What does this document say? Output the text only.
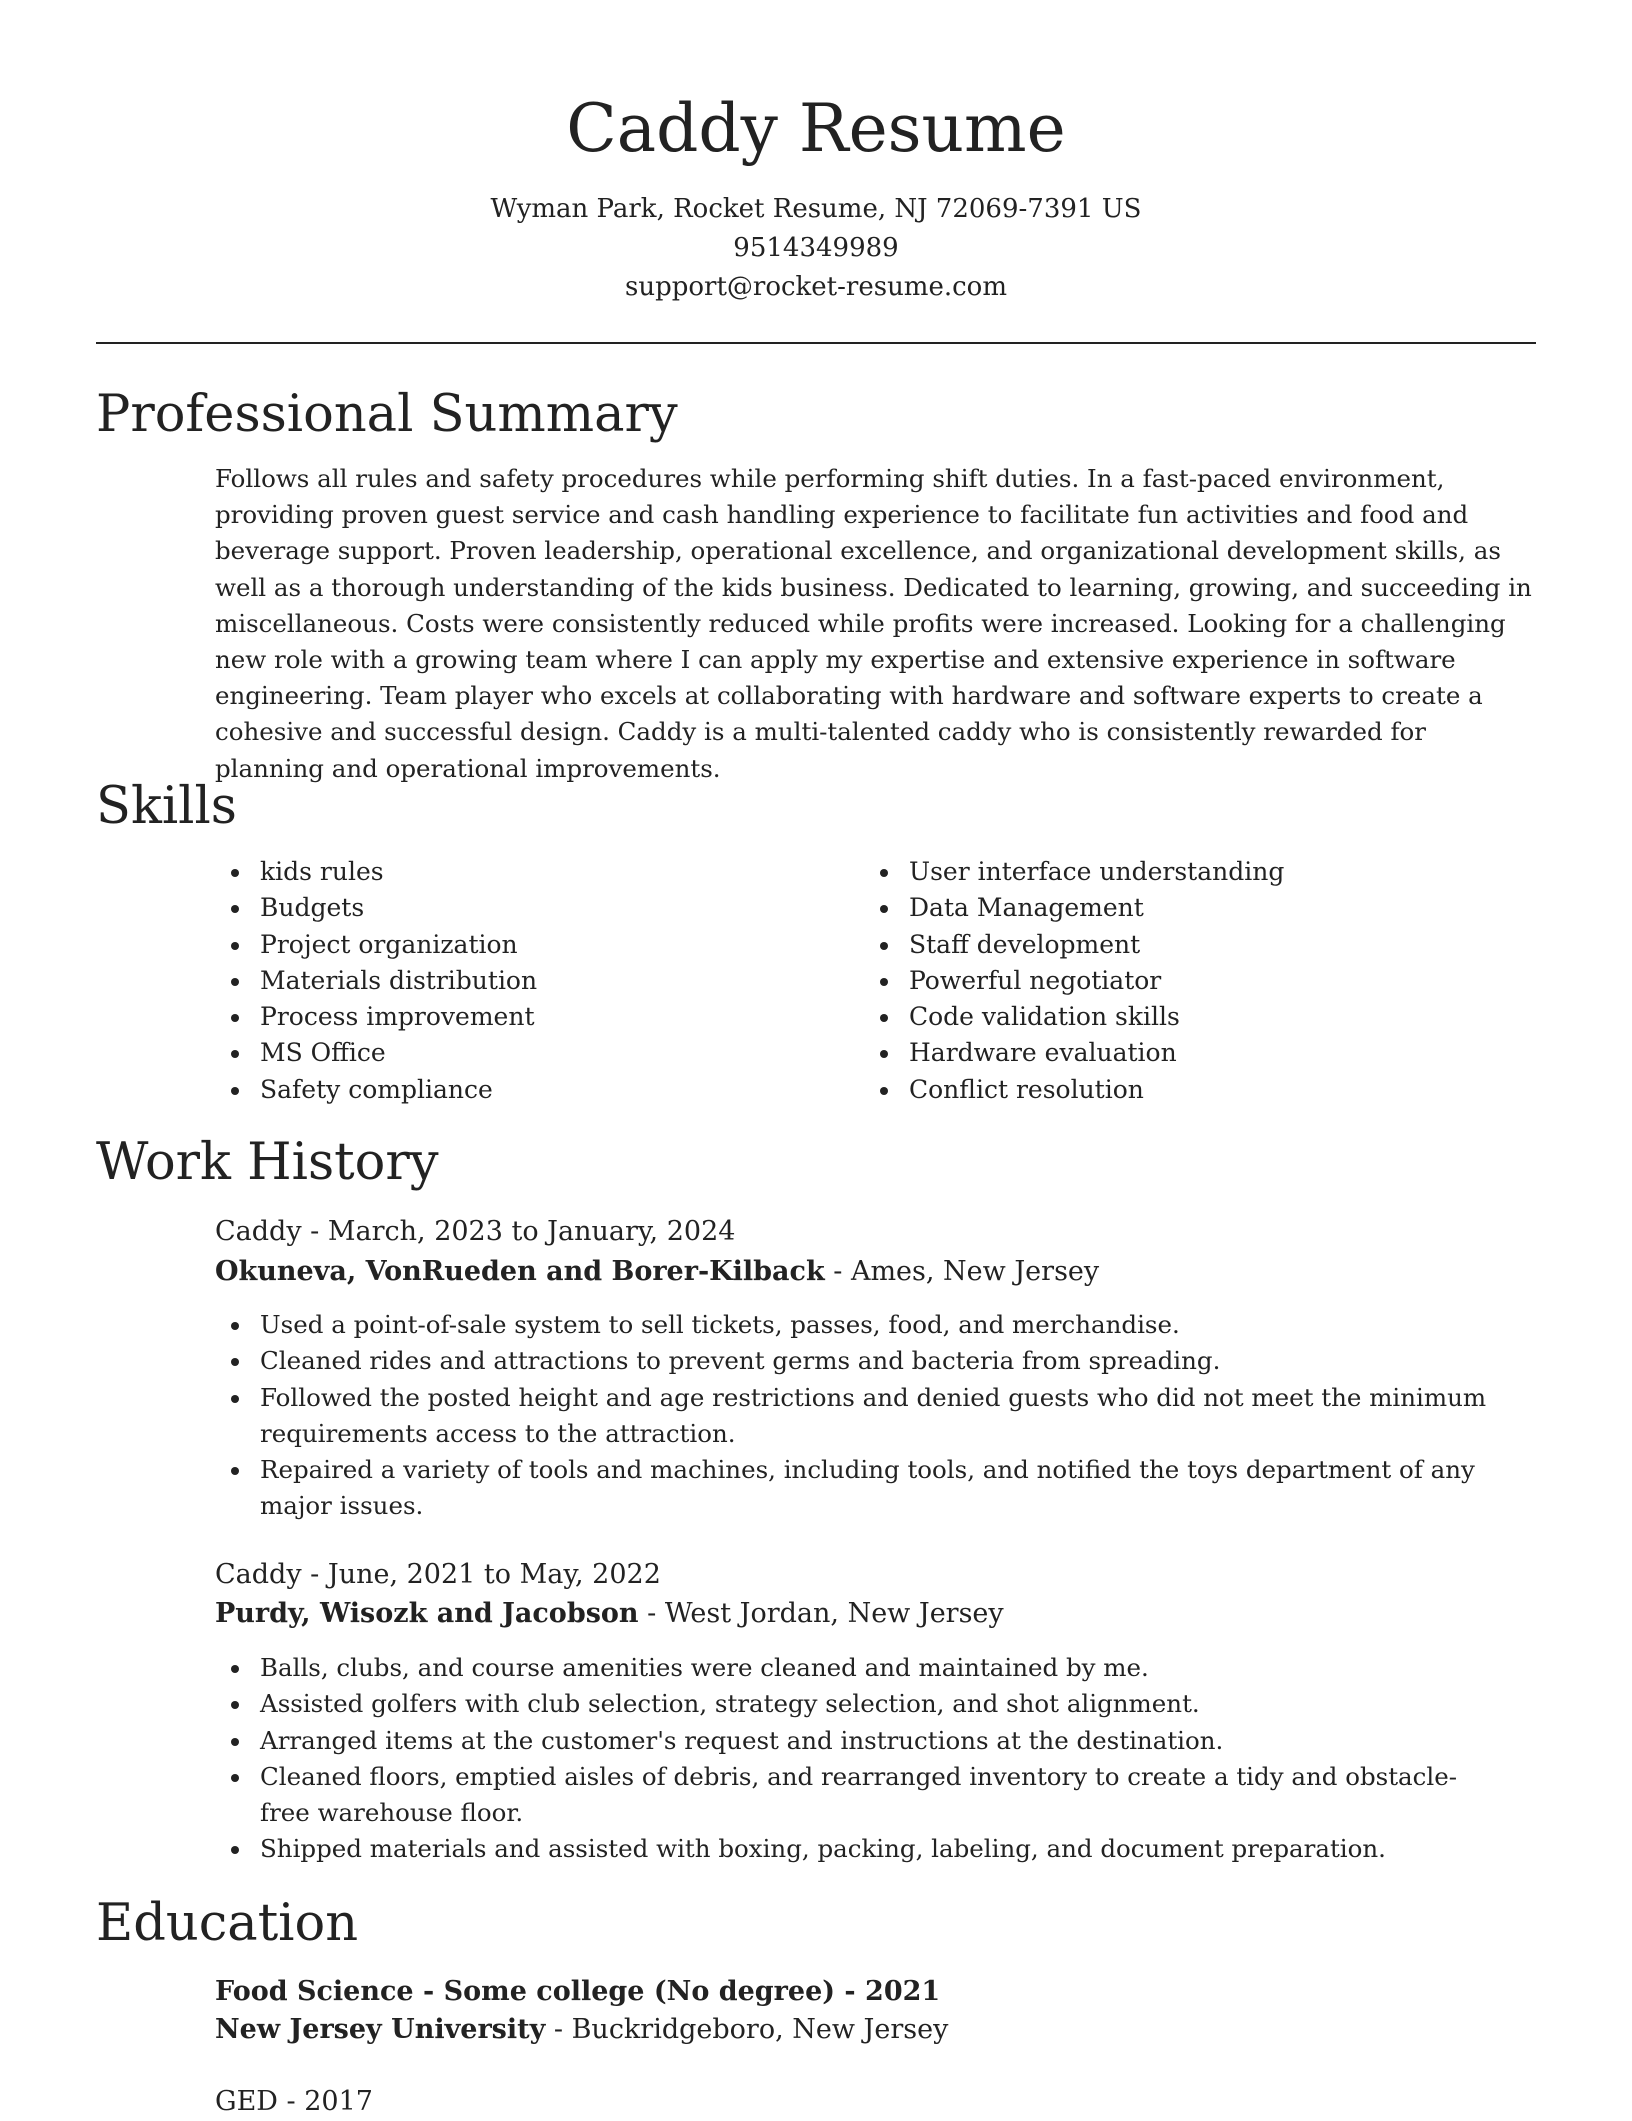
Caddy Resume
Wyman Park, Rocket Resume, NJ 72069-7391 US
9514349989
support@rocket-resume.com
Professional Summary

Follows all rules and safety procedures while performing shift duties. In a fast-paced environment, providing proven guest service and cash handling experience to facilitate fun activities and food and beverage support. Proven leadership, operational excellence, and organizational development skills, as well as a thorough understanding of the kids business. Dedicated to learning, growing, and succeeding in miscellaneous. Costs were consistently reduced while profits were increased. Looking for a challenging new role with a growing team where I can apply my expertise and extensive experience in software engineering. Team player who excels at collaborating with hardware and software experts to create a cohesive and successful design. Caddy is a multi-talented caddy who is consistently rewarded for planning and operational improvements.

Skills
kids rules
Budgets
Project organization
Materials distribution
Process improvement
MS Office
Safety compliance
User interface understanding
Data Management
Staff development
Powerful negotiator
Code validation skills
Hardware evaluation
Conflict resolution
Work History
Caddy - March, 2023 to January, 2024
Okuneva, VonRueden and Borer-Kilback - Ames, New Jersey
Used a point-of-sale system to sell tickets, passes, food, and merchandise.
Cleaned rides and attractions to prevent germs and bacteria from spreading.
Followed the posted height and age restrictions and denied guests who did not meet the minimum requirements access to the attraction.
Repaired a variety of tools and machines, including tools, and notified the toys department of any major issues.
Caddy - June, 2021 to May, 2022
Purdy, Wisozk and Jacobson - West Jordan, New Jersey
Balls, clubs, and course amenities were cleaned and maintained by me.
Assisted golfers with club selection, strategy selection, and shot alignment.
Arranged items at the customer's request and instructions at the destination.
Cleaned floors, emptied aisles of debris, and rearranged inventory to create a tidy and obstacle-free warehouse floor.
Shipped materials and assisted with boxing, packing, labeling, and document preparation.
Education
Food Science - Some college (No degree) - 2021
New Jersey University - Buckridgeboro, New Jersey
GED - 2017
